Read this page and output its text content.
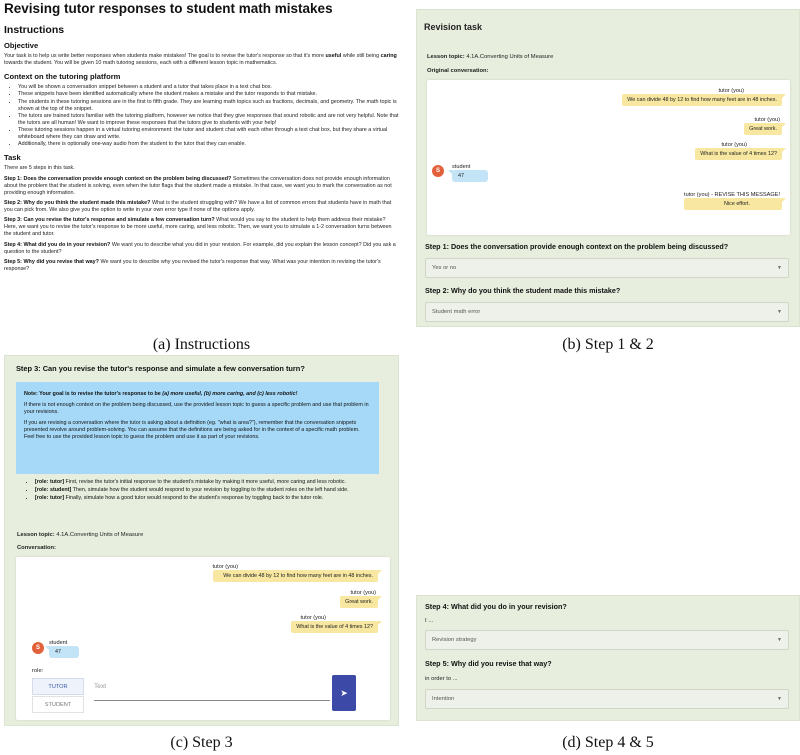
Revising tutor responses to student math mistakes
Instructions
Objective

Your task is to help us write better responses when students make mistakes! The goal is to revise the tutor's response so that it's more useful while still being caring towards the student. You will be given 10 math tutoring sessions, each with a different lesson topic in mathematics.

Context on the tutoring platform
• You will be shown a conversation snippet between a student and a tutor that takes place in a text chat box.
• These snippets have been identified automatically where the student makes a mistake and the tutor responds to that mistake.
• The students in these tutoring sessions are in the first to fifth grade. They are learning math topics such as fractions, decimals, and geometry. The math topic is shown at the top of the snippet.
• The tutors are trained tutors familiar with the tutoring platform, however we notice that they give responses that sound robotic and are not very helpful. Note that the tutors are all human! We want to improve these responses that the tutors give to students with your help!
• These tutoring sessions happen in a virtual tutoring environment: the tutor and student chat with each other through a text chat box, but they share a virtual whiteboard where they can draw and write.
• Additionally, there is optionally one-way audio from the student to the tutor that they can enable.
Task

There are 5 steps in this task.

Step 1: Does the conversation provide enough context on the problem being discussed? Sometimes the conversation does not provide enough information about the problem that the student is solving, even when the tutor flags that the student made a mistake. In that case, we want you to mark the conversation as not providing enough information.

Step 2: Why do you think the student made this mistake? What is the student struggling with? We have a list of common errors that students have in math that you can pick from. We also give you the option to write in your own error type if none of the options apply.

Step 3: Can you revise the tutor's response and simulate a few conversation turn? What would you say to the student to help them address their mistake? Here, we want you to revise the tutor's response to be more useful, more caring, and less robotic. Then, we want you to simulate a 1-2 conversation turns between the student and tutor.

Step 4: What did you do in your revision? We want you to describe what you did in your revision. For example, did you explain the lesson concept? Did you ask a question to the student?

Step 5: Why did you revise that way? We want you to describe why you revised the tutor's response that way. What was your intention in revising the tutor's response?

(a) Instructions
Revision task
Lesson topic: 4.1A.Converting Units of Measure
Original conversation:
tutor (you)
We can divide 48 by 12 to find how many feet are in 48 inches.
tutor (you)
Great work.
tutor (you)
What is the value of 4 times 12?
S
student
47
tutor (you) - REVISE THIS MESSAGE!
Nice effort.
Step 1: Does the conversation provide enough context on the problem being discussed?
Yes or no	▼
Step 2: Why do you think the student made this mistake?
Student math error	▼
(b) Step 1 & 2
Step 3: Can you revise the tutor's response and simulate a few conversation turn?

Note: Your goal is to revise the tutor's response to be (a) more useful, (b) more caring, and (c) less robotic!

If there is not enough context on the problem being discussed, use the provided lesson topic to guess a specific problem and use that problem in your revisions.

If you are revising a conversation where the tutor is asking about a definition (eg. "what is area?"), remember that the conversation snippets presented revolve around problem-solving. You can assume that the definitions are being asked for in the context of a specific math problem. Feel free to use the provided lesson topic to guess the problem and use it as part of your revisions.

• [role: tutor] First, revise the tutor's initial response to the student's mistake by making it more useful, more caring and less robotic.
• [role: student] Then, simulate how the student would respond to your revision by toggling to the student roles on the left hand side.
• [role: tutor] Finally, simulate how a good tutor would respond to the student's response by toggling back to the tutor role.
Lesson topic: 4.1A.Converting Units of Measure
Conversation:
tutor (you)
We can divide 48 by 12 to find how many feet are in 48 inches.
tutor (you)
Great work.
tutor (you)
What is the value of 4 times 12?
S
student
47
role:
TUTOR
STUDENT
Text
➤
(c) Step 3
Step 4: What did you do in your revision?
I ...
Revision strategy	▼
Step 5: Why did you revise that way?
in order to ...
Intention	▼
(d) Step 4 & 5
